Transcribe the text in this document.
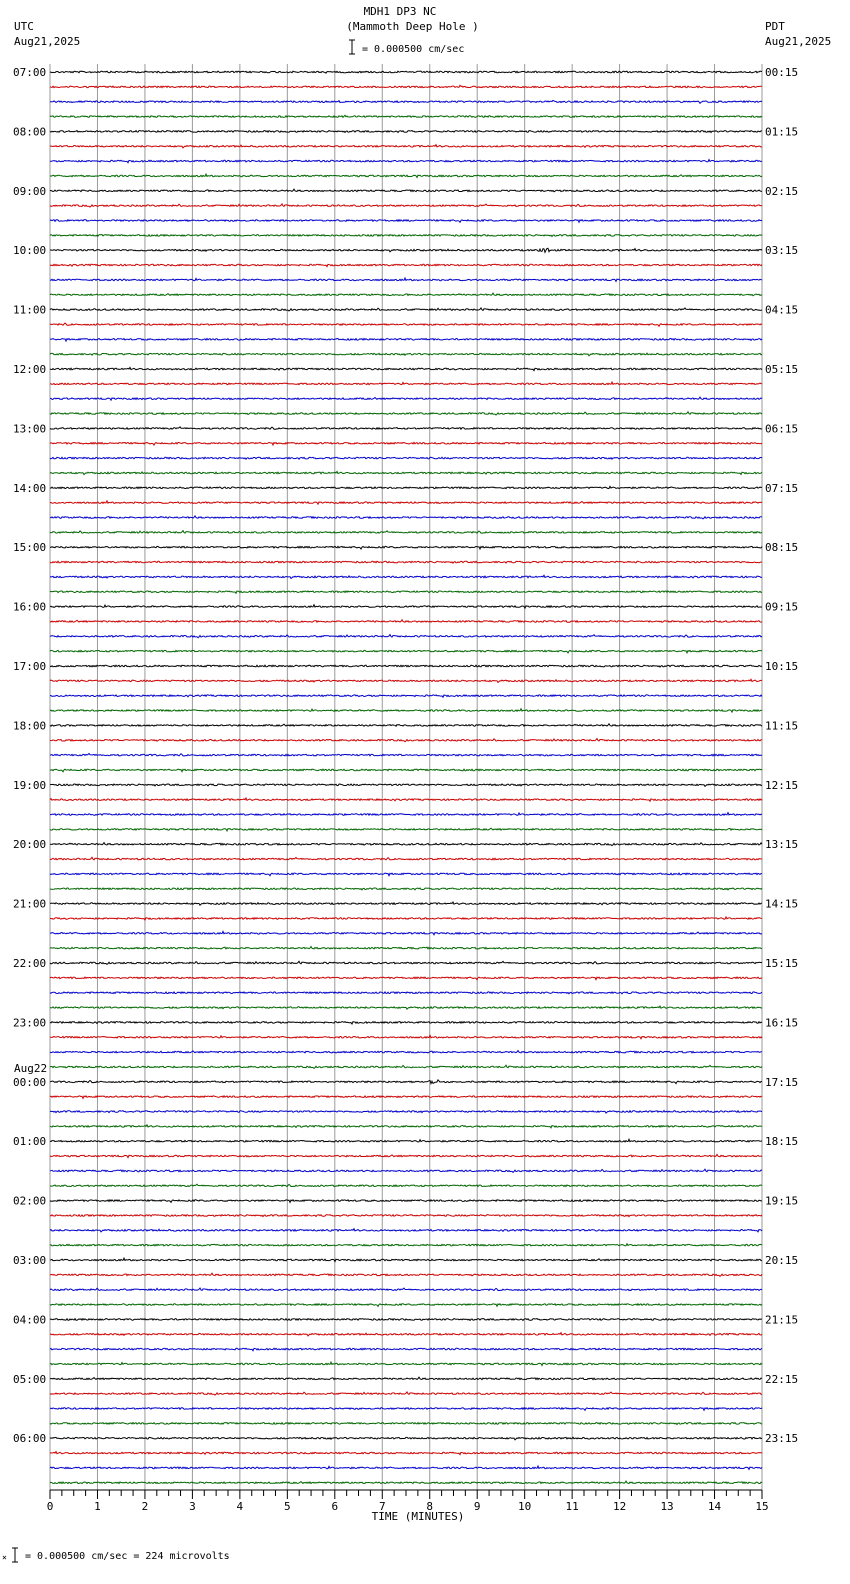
07:00
08:00
09:00
10:00
11:00
12:00
13:00
14:00
15:00
16:00
17:00
18:00
19:00
20:00
21:00
22:00
23:00
00:00
01:00
02:00
03:00
04:00
05:00
06:00
00:15
01:15
02:15
03:15
04:15
05:15
06:15
07:15
08:15
09:15
10:15
11:15
12:15
13:15
14:15
15:15
16:15
17:15
18:15
19:15
20:15
21:15
22:15
23:15
0	1	2	3	4	5	6	7	8	9	10	11	12	13	14	15
MDH1 DP3 NC
(Mammoth Deep Hole )
= 0.000500 cm/sec
UTC
Aug21,2025
PDT
Aug21,2025
Aug22
TIME (MINUTES)
= 0.000500 cm/sec = 224 microvolts
×
